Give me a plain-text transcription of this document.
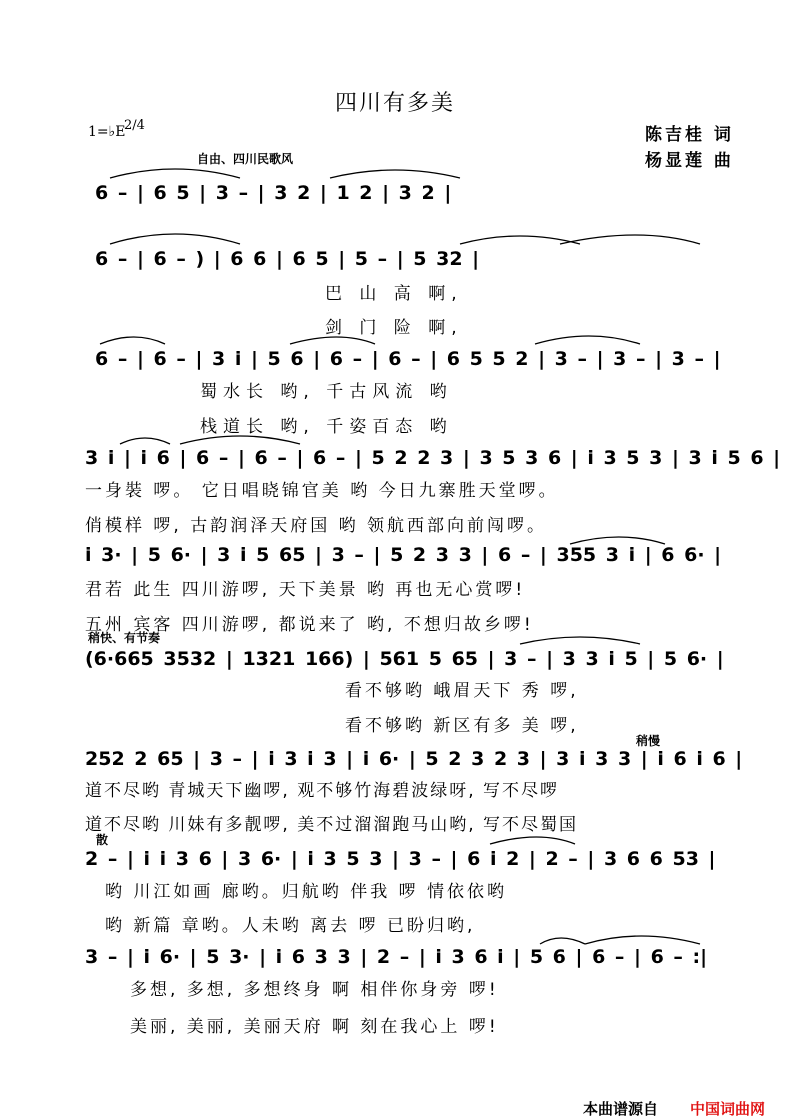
四川有多美
1=♭E
2/4	陈吉桂 词
杨显莲 曲
自由、四川民歌风
6 – | 6 5 | 3 – | 3 2 | 1 2 | 3 2 |
6 – | 6 – ) | 6 6 | 6 5 | 5 – | 5 32 |
巴 山 高 啊,
剑 门 险 啊,
6 – | 6 – | 3 i | 5 6 | 6 – | 6 – | 6 5 5 2 | 3 – | 3 – | 3 – |
蜀水长 哟, 千古风流 哟
栈道长 哟, 千姿百态 哟
3 i | i 6 | 6 – | 6 – | 6 – | 5 2 2 3 | 3 5 3 6 | i 3 5 3 | 3 i 5 6 |
一身裝 啰。 它日唱晓锦官美 哟 今日九寨胜天堂啰。
俏模样 啰, 古韵润泽天府国 哟 领航西部向前闯啰。
i 3· | 5 6· | 3 i 5 65 | 3 – | 5 2 3 3 | 6 – | 355 3 i | 6 6· |
君若 此生 四川游啰, 天下美景 哟 再也无心赏啰!
五州 宾客 四川游啰, 都说来了 哟, 不想归故乡啰!
稍快、有节奏
(6·665 3532 | 1321 166) | 561 5 65 | 3 – | 3 3 i 5 | 5 6· |
看不够哟 峨眉天下 秀 啰,
看不够哟 新区有多 美 啰,
稍慢
252 2 65 | 3 – | i 3 i 3 | i 6· | 5 2 3 2 3 | 3 i 3 3 | i 6 i 6 |
道不尽哟 青城天下幽啰, 观不够竹海碧波绿呀, 写不尽啰
道不尽哟 川妹有多靓啰, 美不过溜溜跑马山哟, 写不尽蜀国
散
2 – | i i 3 6 | 3 6· | i 3 5 3 | 3 – | 6 i 2 | 2 – | 3 6 6 53 |
哟 川江如画 廊哟。归航哟 伴我 啰 情依依哟
哟 新篇 章哟。人未哟 离去 啰 已盼归哟,
3 – | i 6· | 5 3· | i 6 3 3 | 2 – | i 3 6 i | 5 6 | 6 – | 6 – :|
多想, 多想, 多想终身 啊 相伴你身旁 啰!
美丽, 美丽, 美丽天府 啊 刻在我心上 啰!
本曲谱源自 中国词曲网
